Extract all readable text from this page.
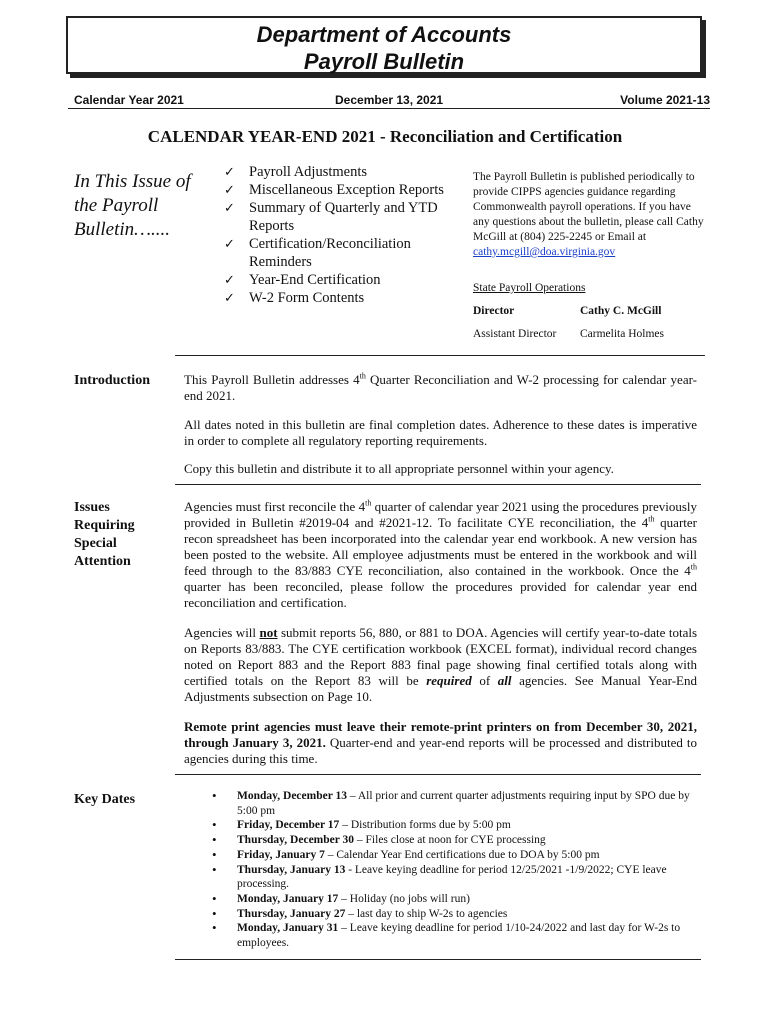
Department of Accounts
Payroll Bulletin
Calendar Year 2021	December 13, 2021	Volume 2021-13
CALENDAR YEAR-END 2021 - Reconciliation and Certification
In This Issue of the Payroll Bulletin…....
✓ Payroll Adjustments
✓ Miscellaneous Exception Reports
✓ Summary of Quarterly and YTD Reports
✓ Certification/Reconciliation Reminders
✓ Year-End Certification
✓ W-2 Form Contents
The Payroll Bulletin is published periodically to provide CIPPS agencies guidance regarding Commonwealth payroll operations. If you have any questions about the bulletin, please call Cathy McGill at (804) 225-2245 or Email at
cathy.mcgill@doa.virginia.gov
State Payroll Operations
Director	Cathy C. McGill
Assistant Director Carmelita Holmes
Introduction	This Payroll Bulletin addresses 4th Quarter Reconciliation and W-2 processing for calendar year-end 2021.

All dates noted in this bulletin are final completion dates. Adherence to these dates is imperative in order to complete all regulatory reporting requirements.

Copy this bulletin and distribute it to all appropriate personnel within your agency.

Issues Requiring Special Attention

Agencies must first reconcile the 4th quarter of calendar year 2021 using the procedures previously provided in Bulletin #2019-04 and #2021-12. To facilitate CYE reconciliation, the 4th quarter recon spreadsheet has been incorporated into the calendar year end workbook. A new version has been posted to the website. All employee adjustments must be entered in the workbook and will feed through to the 83/883 CYE reconciliation, also contained in the workbook. Once the 4th quarter has been reconciled, please follow the procedures provided for calendar year end reconciliation and certification.

Agencies will not submit reports 56, 880, or 881 to DOA. Agencies will certify year-to-date totals on Reports 83/883. The CYE certification workbook (EXCEL format), individual record changes noted on Report 883 and the Report 883 final page showing final certified totals along with certified totals on the Report 83 will be required of all agencies. See Manual Year-End Adjustments subsection on Page 10.

Remote print agencies must leave their remote-print printers on from December 30, 2021, through January 3, 2021. Quarter-end and year-end reports will be processed and distributed to agencies during this time.

Key Dates	• Monday, December 13 – All prior and current quarter adjustments requiring input by SPO due by 5:00 pm
• Friday, December 17 – Distribution forms due by 5:00 pm
• Thursday, December 30 – Files close at noon for CYE processing
• Friday, January 7 – Calendar Year End certifications due to DOA by 5:00 pm
• Thursday, January 13 - Leave keying deadline for period 12/25/2021 -1/9/2022; CYE leave processing.
• Monday, January 17 – Holiday (no jobs will run)
• Thursday, January 27 – last day to ship W-2s to agencies
• Monday, January 31 – Leave keying deadline for period 1/10-24/2022 and last day for W-2s to employees.
